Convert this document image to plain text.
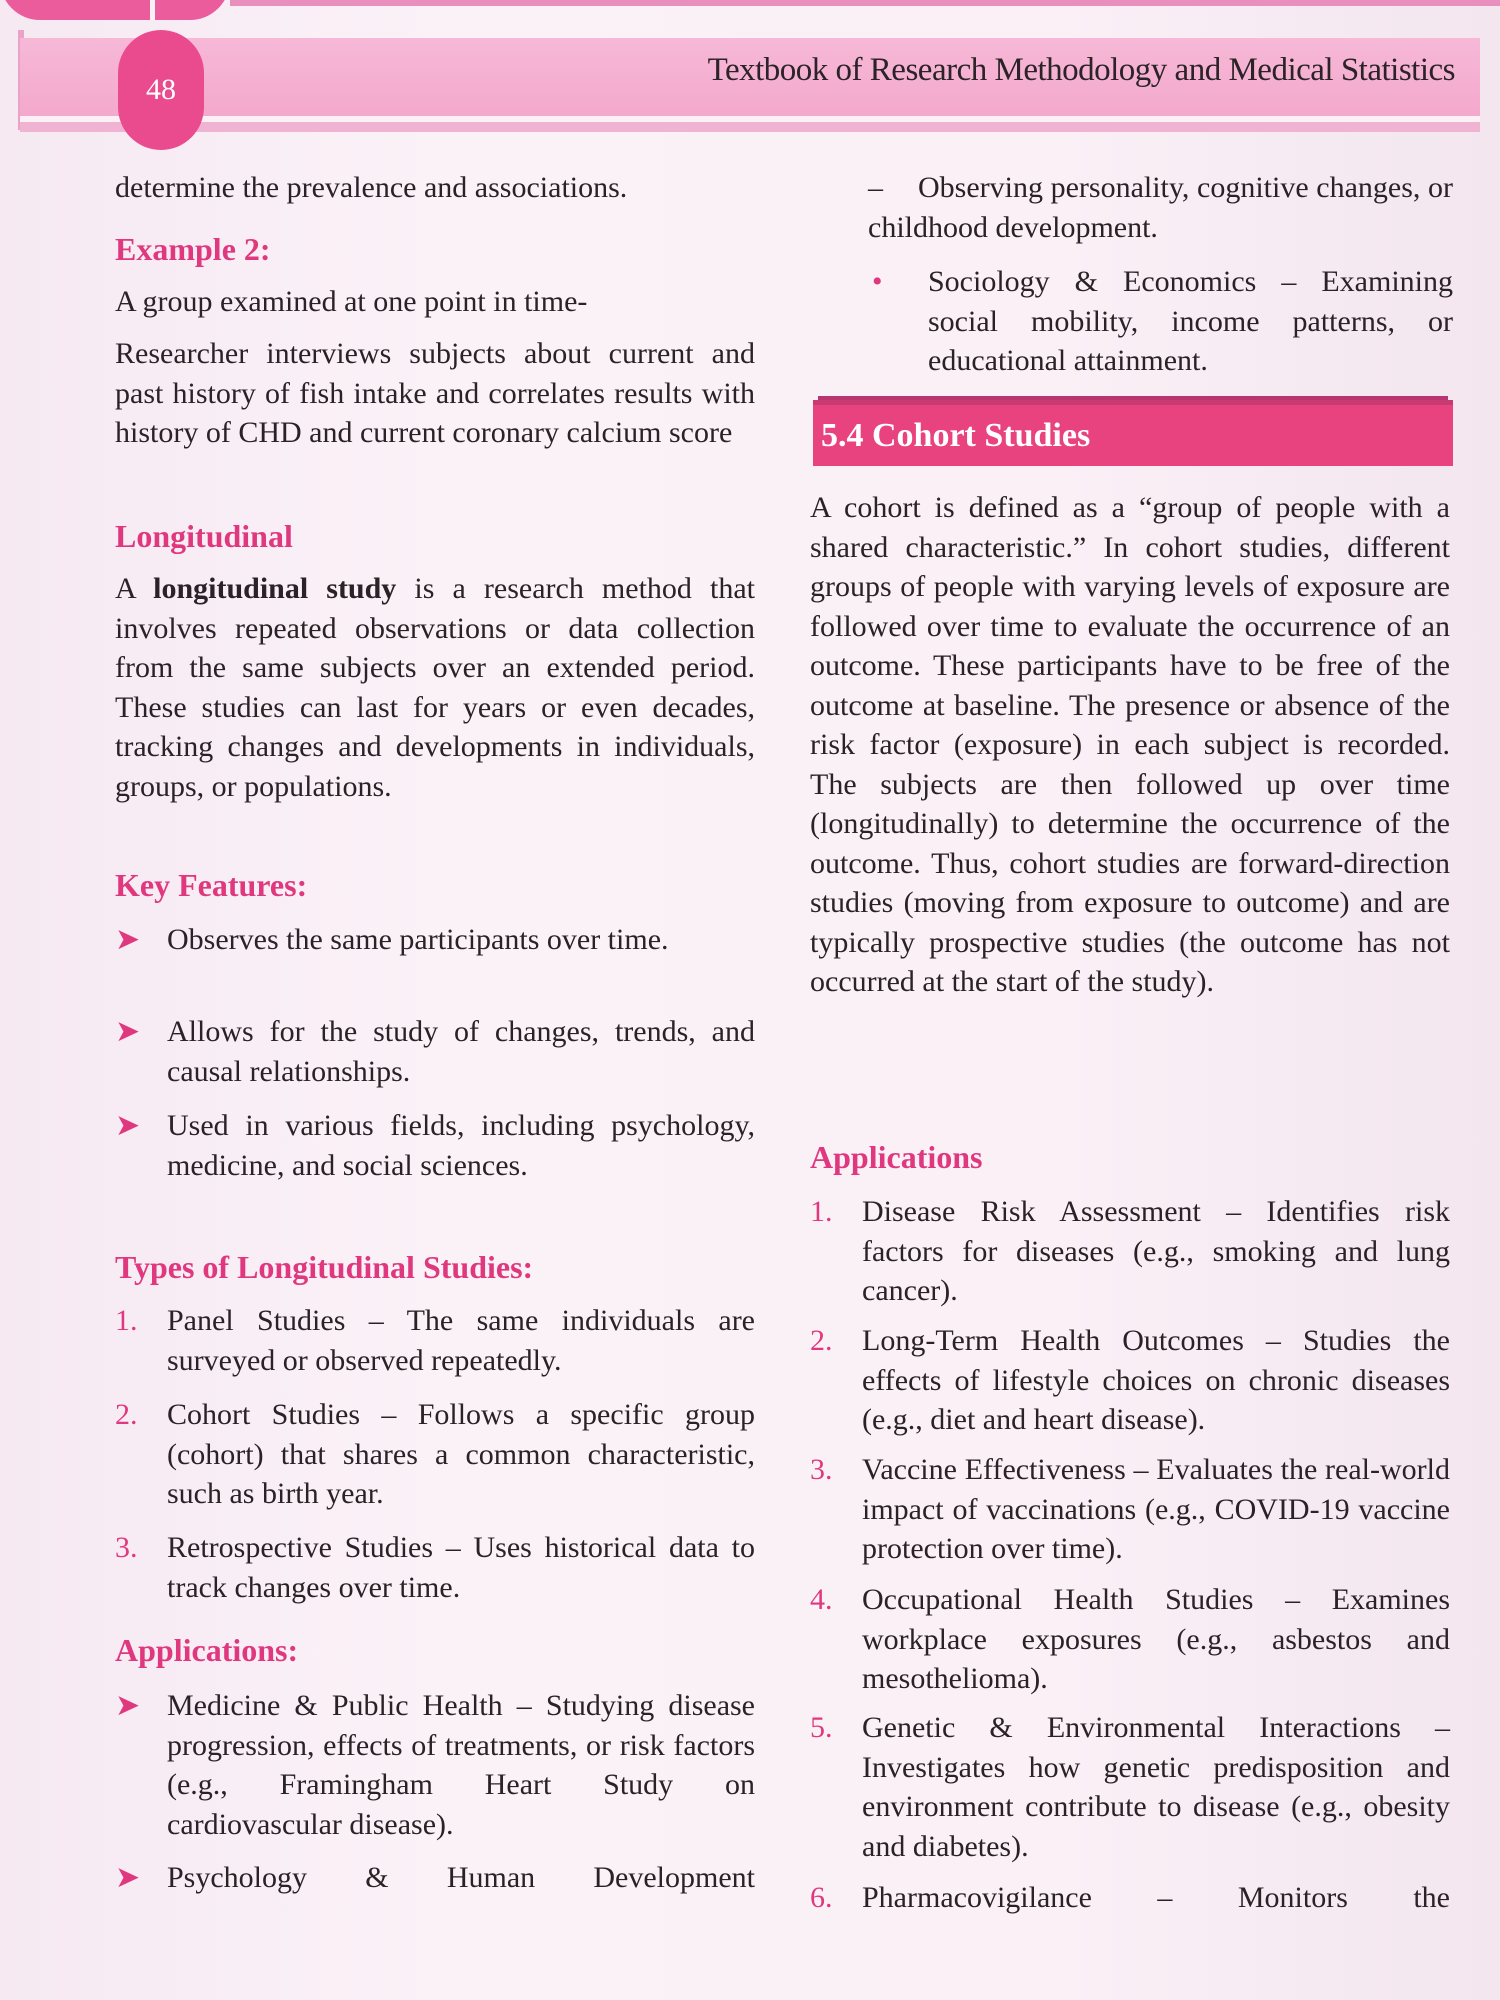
48
Textbook of Research Methodology and Medical Statistics
determine the prevalence and associations.
Example 2:
A group examined at one point in time-
Researcher interviews subjects about current and past history of fish intake and correlates results with history of CHD and current coronary calcium score
Longitudinal
A longitudinal study is a research method that involves repeated observations or data collection from the same subjects over an extended period. These studies can last for years or even decades, tracking changes and developments in individuals, groups, or populations.
Key Features:
➤ Observes the same participants over time.
➤ Allows for the study of changes, trends, and causal relationships.
➤ Used in various fields, including psychology, medicine, and social sciences.
Types of Longitudinal Studies:
1. Panel Studies – The same individuals are surveyed or observed repeatedly.
2. Cohort Studies – Follows a specific group (cohort) that shares a common characteristic, such as birth year.
3. Retrospective Studies – Uses historical data to track changes over time.
Applications:
➤ Medicine & Public Health – Studying disease progression, effects of treatments, or risk factors (e.g., Framingham Heart Study on cardiovascular disease).
➤ Psychology & Human Development
– Observing personality, cognitive changes, or childhood development.
•	Sociology & Economics – Examining social mobility, income patterns, or educational attainment.
5.4 Cohort Studies
A cohort is defined as a “group of people with a shared characteristic.” In cohort studies, different groups of people with varying levels of exposure are followed over time to evaluate the occurrence of an outcome. These participants have to be free of the outcome at baseline. The presence or absence of the risk factor (exposure) in each subject is recorded. The subjects are then followed up over time (longitudinally) to determine the occurrence of the outcome. Thus, cohort studies are forward-direction studies (moving from exposure to outcome) and are typically prospective studies (the outcome has not occurred at the start of the study).
Applications
1. Disease Risk Assessment – Identifies risk factors for diseases (e.g., smoking and lung cancer).
2. Long-Term Health Outcomes – Studies the effects of lifestyle choices on chronic diseases (e.g., diet and heart disease).
3. Vaccine Effectiveness – Evaluates the real-world impact of vaccinations (e.g., COVID-19 vaccine protection over time).
4. Occupational Health Studies – Examines workplace exposures (e.g., asbestos and mesothelioma).
5. Genetic & Environmental Interactions – Investigates how genetic predisposition and environment contribute to disease (e.g., obesity and diabetes).
6. Pharmacovigilance – Monitors the
